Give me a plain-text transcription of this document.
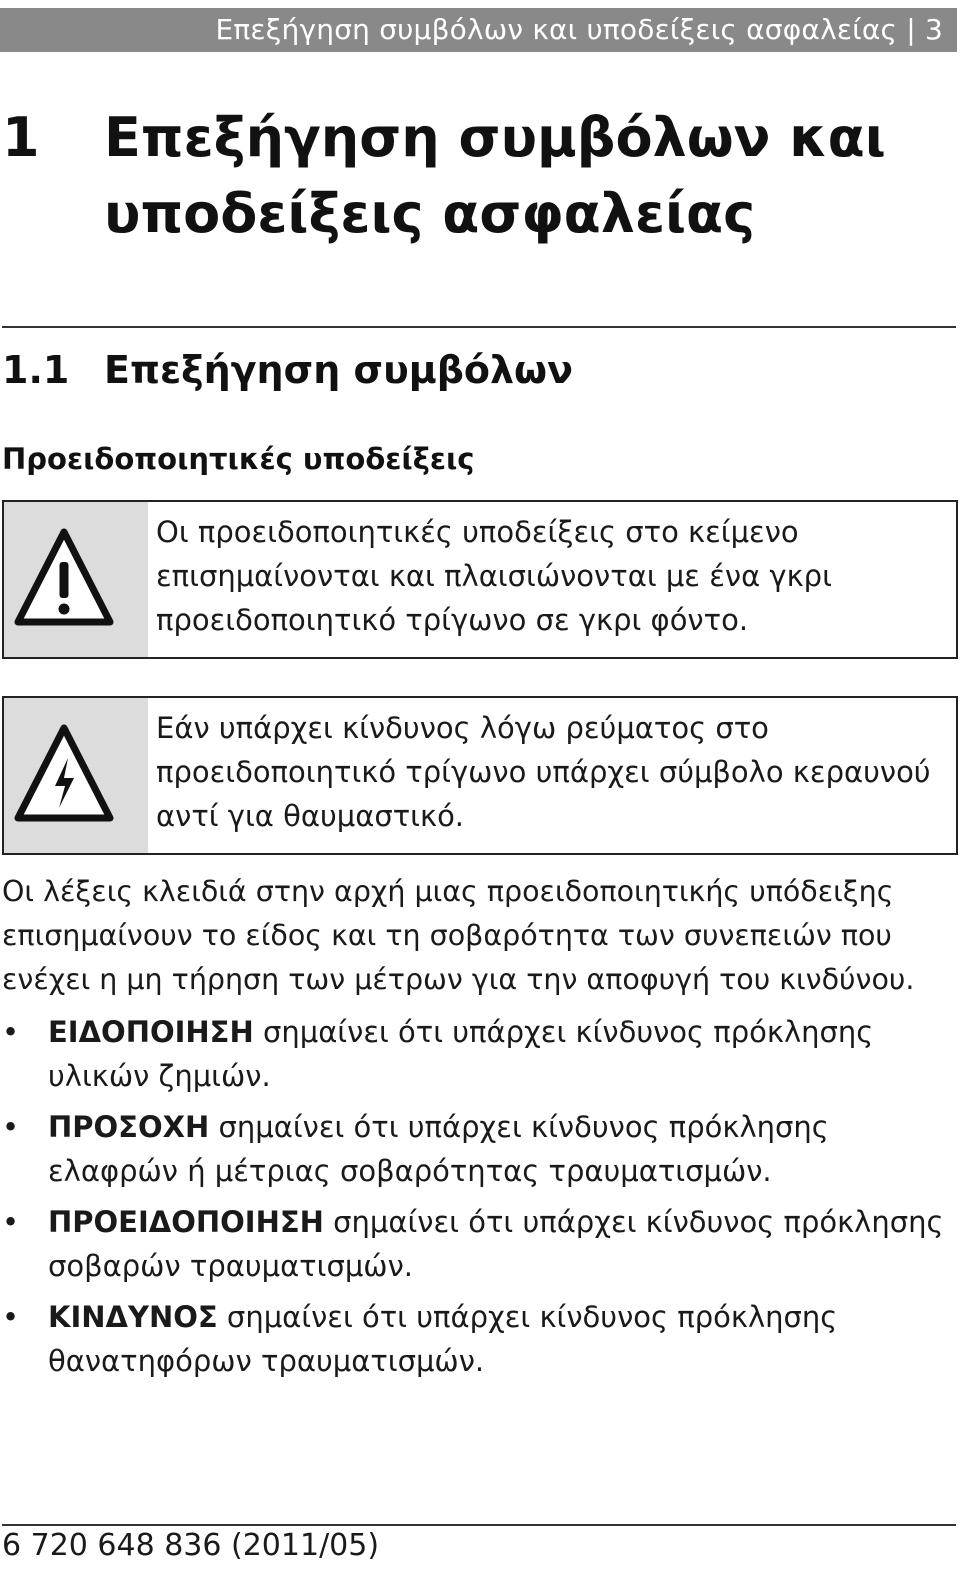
Επεξήγηση συμβόλων και υποδείξεις ασφαλείας | 3
1 Επεξήγηση συμβόλων και υποδείξεις ασφαλείας
1.1 Επεξήγηση συμβόλων
Προειδοποιητικές υποδείξεις
Οι προειδοποιητικές υποδείξεις στο κείμενο επισημαίνονται και πλαισιώνονται με ένα γκρι προειδοποιητικό τρίγωνο σε γκρι φόντο.
Εάν υπάρχει κίνδυνος λόγω ρεύματος στο προειδοποιητικό τρίγωνο υπάρχει σύμβολο κεραυνού αντί για θαυμαστικό.
Οι λέξεις κλειδιά στην αρχή μιας προειδοποιητικής υπόδειξης επισημαίνουν το είδος και τη σοβαρότητα των συνεπειών που ενέχει η μη τήρηση των μέτρων για την αποφυγή του κινδύνου.
• ΕΙΔΟΠΟΙΗΣΗ σημαίνει ότι υπάρχει κίνδυνος πρόκλησης υλικών ζημιών.
• ΠΡΟΣΟΧΗ σημαίνει ότι υπάρχει κίνδυνος πρόκλησης ελαφρών ή μέτριας σοβαρότητας τραυματισμών.
• ΠΡΟΕΙΔΟΠΟΙΗΣΗ σημαίνει ότι υπάρχει κίνδυνος πρόκλησης σοβαρών τραυματισμών.
• ΚΙΝΔΥΝΟΣ σημαίνει ότι υπάρχει κίνδυνος πρόκλησης θανατηφόρων τραυματισμών.
6 720 648 836 (2011/05)
